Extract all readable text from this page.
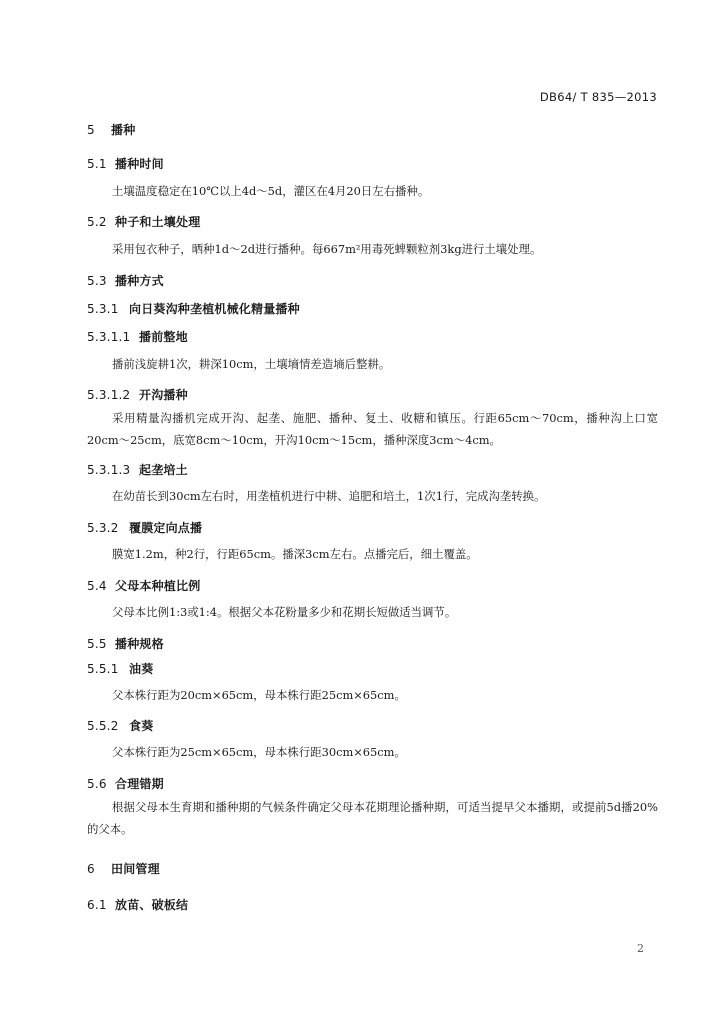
DB64/ T 835—2013
5 播种
5.1 播种时间
土壤温度稳定在10℃以上4d～5d，灌区在4月20日左右播种。
5.2 种子和土壤处理
采用包衣种子，晒种1d～2d进行播种。每667m²用毒死蜱颗粒剂3kg进行土壤处理。
5.3 播种方式
5.3.1 向日葵沟种垄植机械化精量播种
5.3.1.1 播前整地
播前浅旋耕1次，耕深10cm，土壤墒情差造墒后整耕。
5.3.1.2 开沟播种
采用精量沟播机完成开沟、起垄、施肥、播种、复土、收糖和镇压。行距65cm～70cm，播种沟上口宽20cm～25cm，底宽8cm～10cm，开沟10cm～15cm，播种深度3cm～4cm。
5.3.1.3 起垄培土
在幼苗长到30cm左右时，用垄植机进行中耕、追肥和培土，1次1行，完成沟垄转换。
5.3.2 覆膜定向点播
膜宽1.2m，种2行，行距65cm。播深3cm左右。点播完后，细土覆盖。
5.4 父母本种植比例
父母本比例1:3或1:4。根据父本花粉量多少和花期长短做适当调节。
5.5 播种规格
5.5.1 油葵
父本株行距为20cm×65cm，母本株行距25cm×65cm。
5.5.2 食葵
父本株行距为25cm×65cm，母本株行距30cm×65cm。
5.6 合理错期
根据父母本生育期和播种期的气候条件确定父母本花期理论播种期，可适当提早父本播期，或提前5d播20%的父本。
6 田间管理
6.1 放苗、破板结
2
